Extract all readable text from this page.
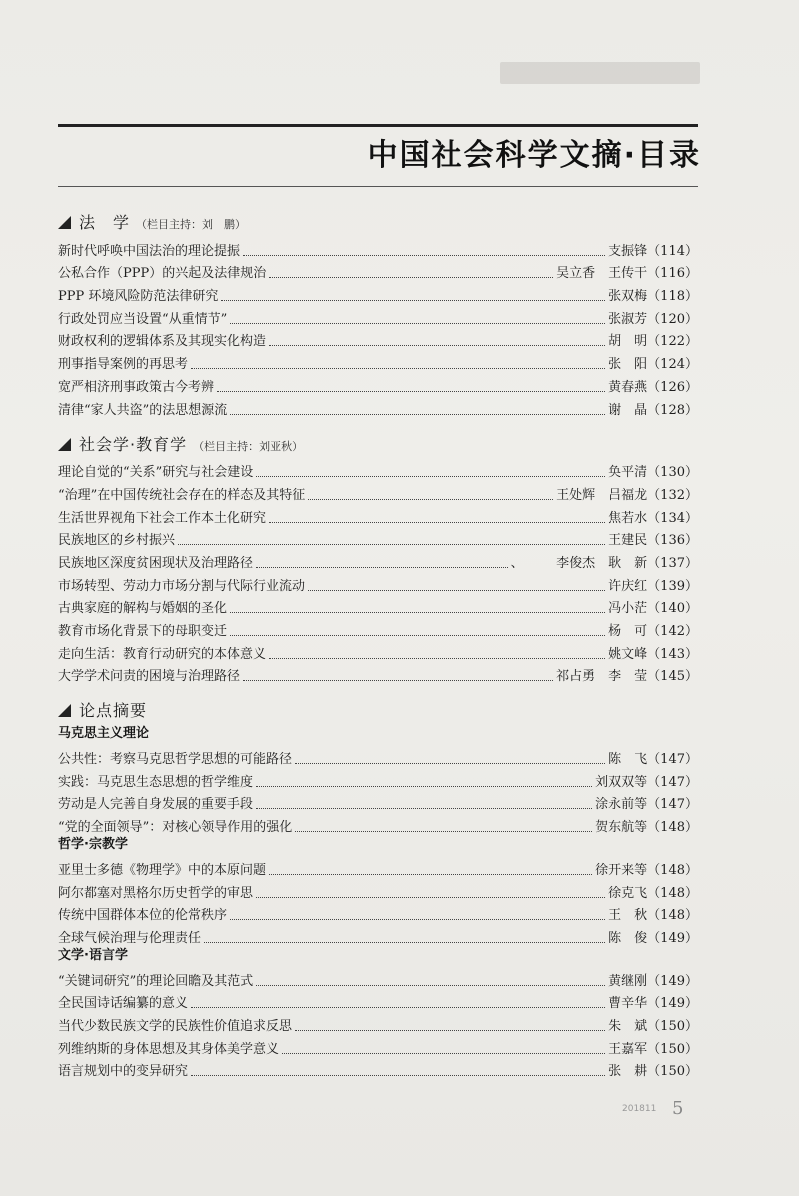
中国社会科学文摘·目录
法　学 （栏目主持：刘　鹏）
新时代呼唤中国法治的理论提振	支振锋 （114）
公私合作（PPP）的兴起及法律规治	吴立香　王传干 （116）
PPP 环境风险防范法律研究	张双梅 （118）
行政处罚应当设置“从重情节”	张淑芳 （120）
财政权利的逻辑体系及其现实化构造	胡　明 （122）
刑事指导案例的再思考	张　阳 （124）
宽严相济刑事政策古今考辨	黄春燕 （126）
清律“家人共盗”的法思想源流	谢　晶 （128）
社会学·教育学 （栏目主持：刘亚秋）
理论自觉的“关系”研究与社会建设	奂平清 （130）
“治理”在中国传统社会存在的样态及其特征	王处辉　吕福龙 （132）
生活世界视角下社会工作本土化研究	焦若水 （134）
民族地区的乡村振兴	王建民 （136）
民族地区深度贫困现状及治理路径	、　　　李俊杰　耿　新 （137）
市场转型、劳动力市场分割与代际行业流动	许庆红 （139）
古典家庭的解构与婚姻的圣化	冯小茫 （140）
教育市场化背景下的母职变迁	杨　可 （142）
走向生活：教育行动研究的本体意义	姚文峰 （143）
大学学术问责的困境与治理路径	祁占勇　李　莹 （145）
论点摘要
马克思主义理论
公共性：考察马克思哲学思想的可能路径	陈　飞 （147）
实践：马克思生态思想的哲学维度	刘双双等 （147）
劳动是人完善自身发展的重要手段	涂永前等 （147）
“党的全面领导”：对核心领导作用的强化	贺东航等 （148）
哲学·宗教学
亚里士多德《物理学》中的本原问题	徐开来等 （148）
阿尔都塞对黑格尔历史哲学的审思	徐克飞 （148）
传统中国群体本位的伦常秩序	王　秋 （148）
全球气候治理与伦理责任	陈　俊 （149）
文学·语言学
“关键词研究”的理论回瞻及其范式	黄继刚 （149）
全民国诗话编纂的意义	曹辛华 （149）
当代少数民族文学的民族性价值追求反思	朱　斌 （150）
列维纳斯的身体思想及其身体美学意义	王嘉军 （150）
语言规划中的变异研究	张　耕 （150）
201811 5
